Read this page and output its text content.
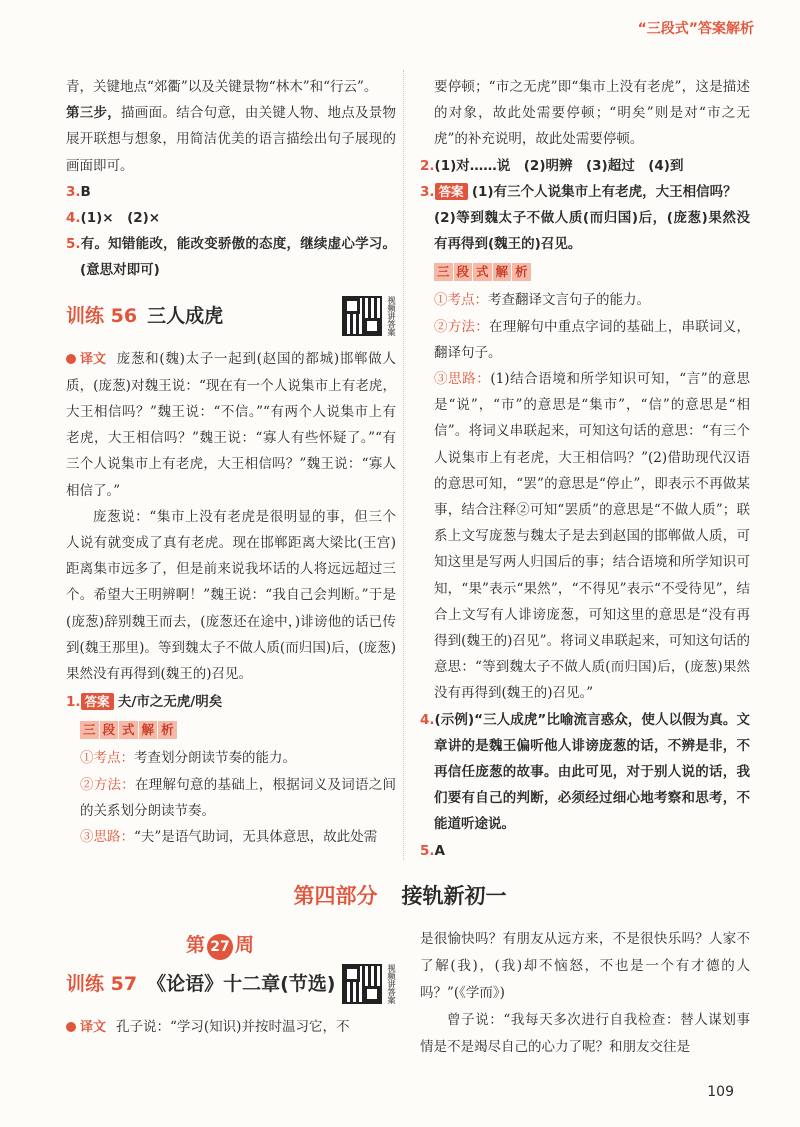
“三段式”答案解析

青，关键地点“郊衢”以及关键景物“林木”和“行云”。

第三步，描画面。结合句意，由关键人物、地点及景物展开联想与想象，用简洁优美的语言描绘出句子展现的画面即可。

3.B

4.(1)×　(2)×

5.有。知错能改，能改变骄傲的态度，继续虚心学习。(意思对即可)

训练 56 三人成虎	视频讲答案

译文 庞葱和(魏)太子一起到(赵国的都城)邯郸做人质，(庞葱)对魏王说：“现在有一个人说集市上有老虎，大王相信吗？”魏王说：“不信。”“有两个人说集市上有老虎，大王相信吗？”魏王说：“寡人有些怀疑了。”“有三个人说集市上有老虎，大王相信吗？”魏王说：“寡人相信了。”

庞葱说：“集市上没有老虎是很明显的事，但三个人说有就变成了真有老虎。现在邯郸距离大梁比(王宫)距离集市远多了，但是前来说我坏话的人将远远超过三个。希望大王明辨啊！”魏王说：“我自己会判断。”于是(庞葱)辞别魏王而去，(庞葱还在途中，)诽谤他的话已传到(魏王那里)。等到魏太子不做人质(而归国)后，(庞葱)果然没有再得到(魏王的)召见。

1. 答案 夫/市之无虎/明矣

三 段 式 解 析

①考点：考查划分朗读节奏的能力。

②方法：在理解句意的基础上，根据词义及词语之间的关系划分朗读节奏。

③思路：“夫”是语气助词，无具体意思，故此处需

要停顿；“市之无虎”即“集市上没有老虎”，这是描述的对象，故此处需要停顿；“明矣”则是对“市之无虎”的补充说明，故此处需要停顿。

2.(1)对……说　(2)明辨　(3)超过　(4)到

3. 答案 (1)有三个人说集市上有老虎，大王相信吗？

(2)等到魏太子不做人质(而归国)后，(庞葱)果然没有再得到(魏王的)召见。

三 段 式 解 析

①考点：考查翻译文言句子的能力。

②方法：在理解句中重点字词的基础上，串联词义，翻译句子。

③思路：(1)结合语境和所学知识可知，“言”的意思是“说”，“市”的意思是“集市”，“信”的意思是“相信”。将词义串联起来，可知这句话的意思：“有三个人说集市上有老虎，大王相信吗？”(2)借助现代汉语的意思可知，“罢”的意思是“停止”，即表示不再做某事，结合注释②可知“罢质”的意思是“不做人质”；联系上文写庞葱与魏太子是去到赵国的邯郸做人质，可知这里是写两人归国后的事；结合语境和所学知识可知，“果”表示“果然”，“不得见”表示“不受待见”，结合上文写有人诽谤庞葱，可知这里的意思是“没有再得到(魏王的)召见”。将词义串联起来，可知这句话的意思：“等到魏太子不做人质(而归国)后，(庞葱)果然没有再得到(魏王的)召见。”

4.(示例)“三人成虎”比喻流言惑众，使人以假为真。文章讲的是魏王偏听他人诽谤庞葱的话，不辨是非，不再信任庞葱的故事。由此可见，对于别人说的话，我们要有自己的判断，必须经过细心地考察和思考，不能道听途说。

5.A

第四部分 接轨新初一
第 27 周
训练 57 《论语》十二章(节选)	视频讲答案

译文 孔子说：“学习(知识)并按时温习它，不

是很愉快吗？有朋友从远方来，不是很快乐吗？人家不了解(我)，(我)却不恼怒，不也是一个有才德的人吗？”(《学而》)

曾子说：“我每天多次进行自我检查：替人谋划事情是不是竭尽自己的心力了呢？和朋友交往是

109
